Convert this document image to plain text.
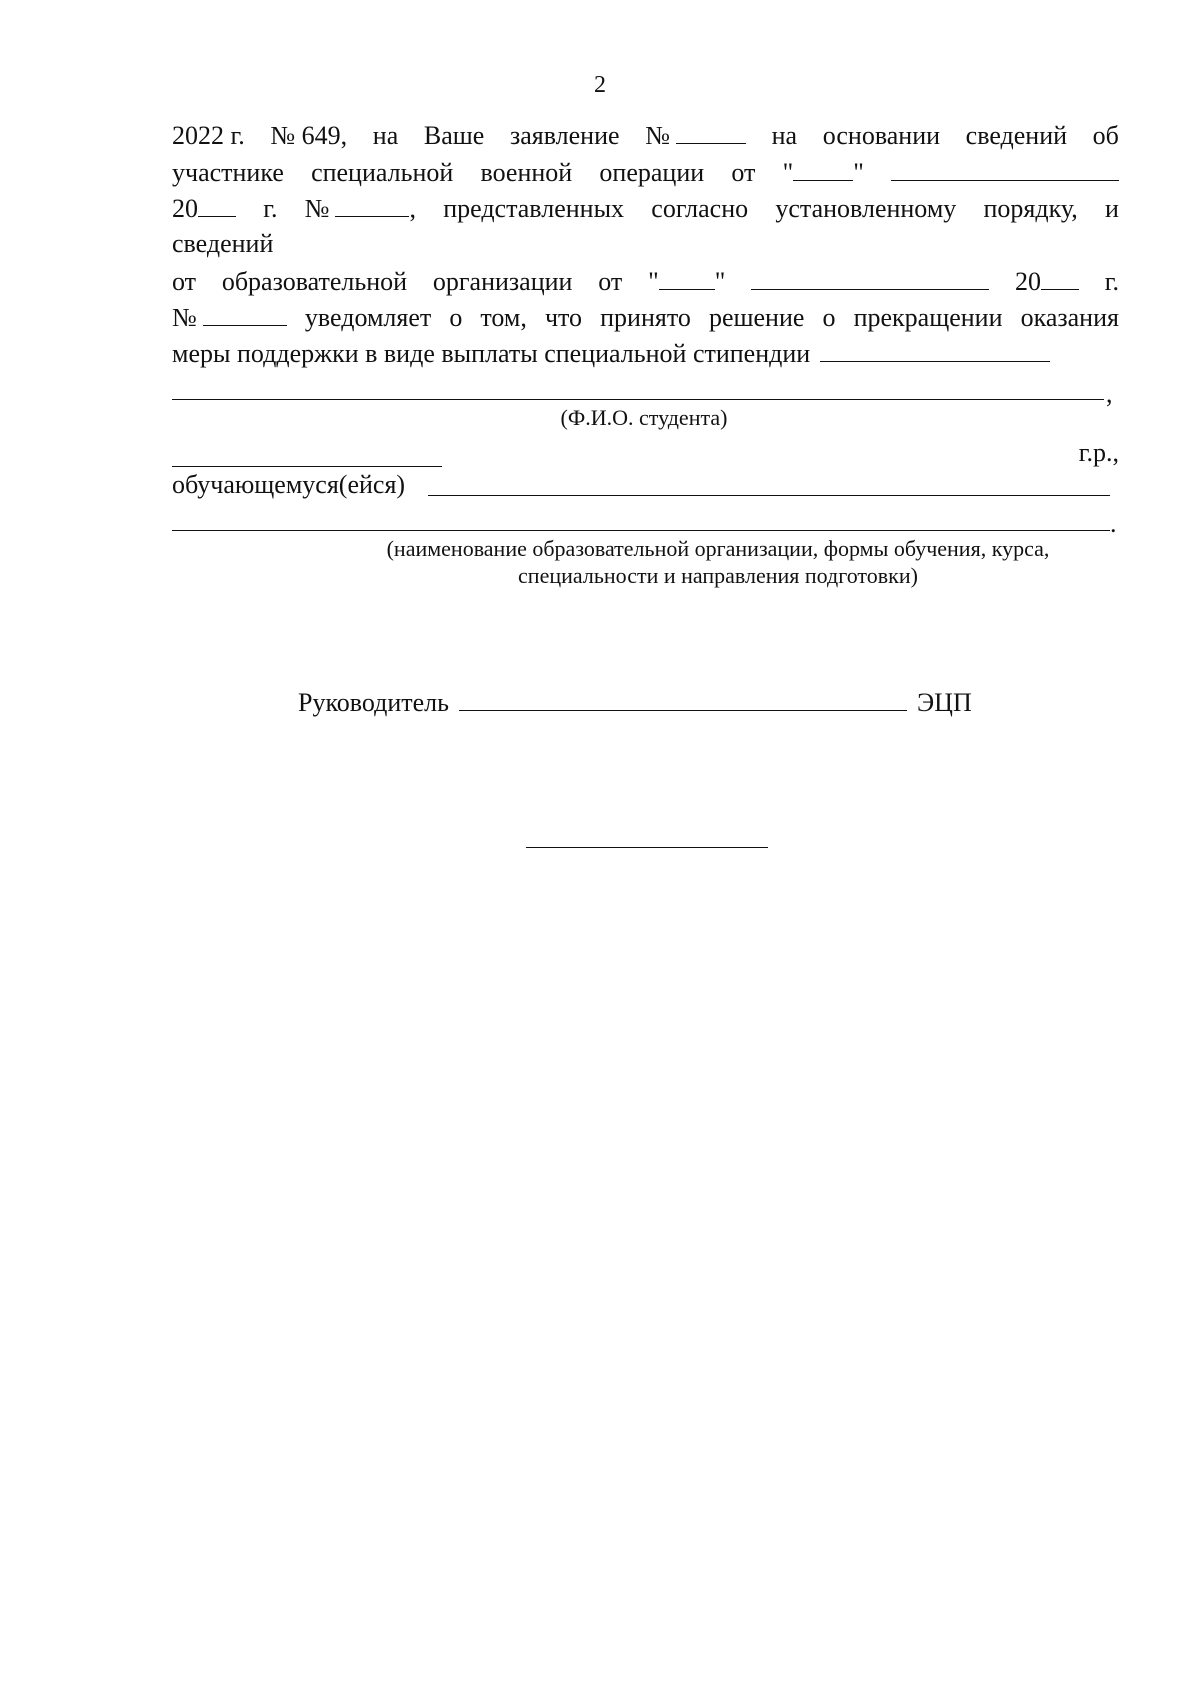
2
2022 г. № 649, на Ваше заявление №	на основании сведений об
участнике специальной военной операции от " "
20	г. №	, представленных согласно установленному порядку, и
сведений
от образовательной организации от " "	20	г.
№	уведомляет о том, что принято решение о прекращении оказания
меры поддержки в виде выплаты специальной стипендии
,
(Ф.И.О. студента)
г.р.,
обучающемуся(ейся)
.
(наименование образовательной организации, формы обучения, курса,
специальности и направления подготовки)
Руководитель	ЭЦП
